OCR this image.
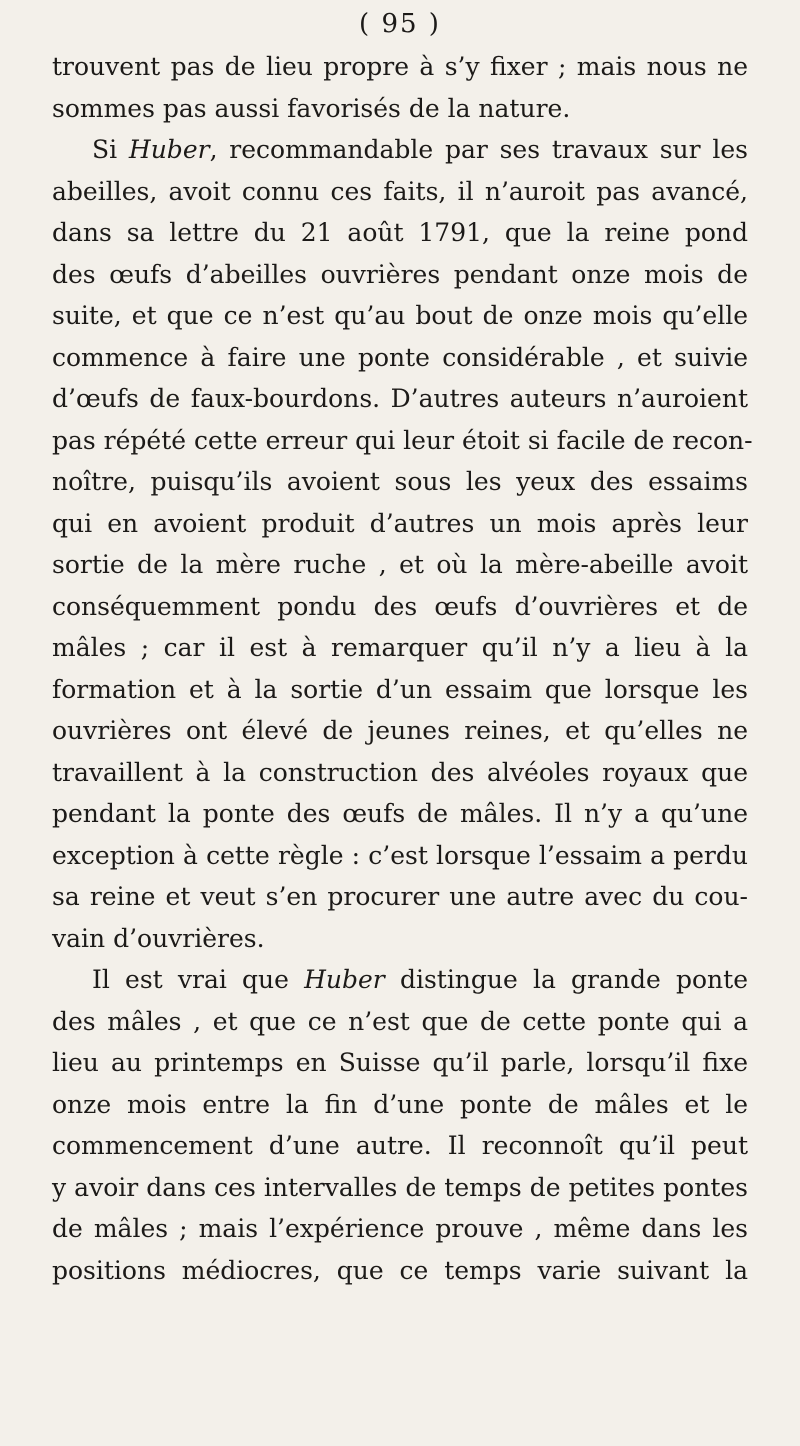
( 95 )
trouvent pas de lieu propre à s’y fixer ; mais nous ne
sommes pas aussi favorisés de la nature.
Si Huber, recommandable par ses travaux sur les
abeilles, avoit connu ces faits, il n’auroit pas avancé,
dans sa lettre du 21 août 1791, que la reine pond
des œufs d’abeilles ouvrières pendant onze mois de
suite, et que ce n’est qu’au bout de onze mois qu’elle
commence à faire une ponte considérable , et suivie
d’œufs de faux-bourdons. D’autres auteurs n’auroient
pas répété cette erreur qui leur étoit si facile de recon-
noître, puisqu’ils avoient sous les yeux des essaims
qui en avoient produit d’autres un mois après leur
sortie de la mère ruche , et où la mère-abeille avoit
conséquemment pondu des œufs d’ouvrières et de
mâles ; car il est à remarquer qu’il n’y a lieu à la
formation et à la sortie d’un essaim que lorsque les
ouvrières ont élevé de jeunes reines, et qu’elles ne
travaillent à la construction des alvéoles royaux que
pendant la ponte des œufs de mâles. Il n’y a qu’une
exception à cette règle : c’est lorsque l’essaim a perdu
sa reine et veut s’en procurer une autre avec du cou-
vain d’ouvrières.
Il est vrai que Huber distingue la grande ponte
des mâles , et que ce n’est que de cette ponte qui a
lieu au printemps en Suisse qu’il parle, lorsqu’il fixe
onze mois entre la fin d’une ponte de mâles et le
commencement d’une autre. Il reconnoît qu’il peut
y avoir dans ces intervalles de temps de petites pontes
de mâles ; mais l’expérience prouve , même dans les
positions médiocres, que ce temps varie suivant la
